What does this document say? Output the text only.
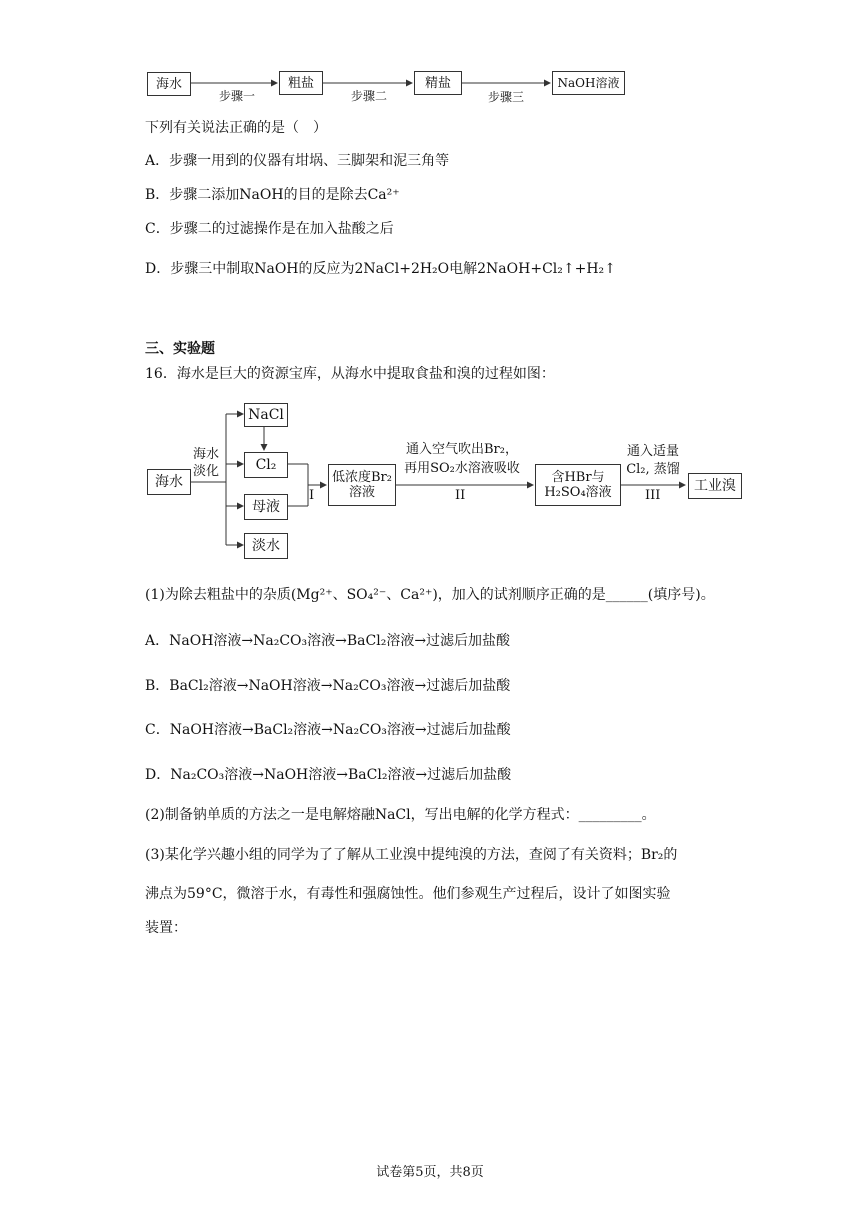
海水	粗盐	精盐	NaOH溶液
步骤一	步骤二	步骤三
下列有关说法正确的是（　）
A．步骤一用到的仪器有坩埚、三脚架和泥三角等
B．步骤二添加NaOH的目的是除去Ca²⁺
C．步骤二的过滤操作是在加入盐酸之后
D．步骤三中制取NaOH的反应为2NaCl+2H₂O电解2NaOH+Cl₂↑+H₂↑
三、实验题
16．海水是巨大的资源宝库，从海水中提取食盐和溴的过程如图：
海水
海水淡化
NaCl
Cl₂
母液
淡水
I
低浓度Br₂溶液
通入空气吹出Br₂，
再用SO₂水溶液吸收
II
含HBr与H₂SO₄溶液
通入适量
Cl₂, 蒸馏
III
工业溴
(1)为除去粗盐中的杂质(Mg²⁺、SO₄²⁻、Ca²⁺)，加入的试剂顺序正确的是______(填序号)。
A．NaOH溶液→Na₂CO₃溶液→BaCl₂溶液→过滤后加盐酸
B．BaCl₂溶液→NaOH溶液→Na₂CO₃溶液→过滤后加盐酸
C．NaOH溶液→BaCl₂溶液→Na₂CO₃溶液→过滤后加盐酸
D．Na₂CO₃溶液→NaOH溶液→BaCl₂溶液→过滤后加盐酸
(2)制备钠单质的方法之一是电解熔融NaCl，写出电解的化学方程式：_________。
(3)某化学兴趣小组的同学为了了解从工业溴中提纯溴的方法，查阅了有关资料；Br₂的
沸点为59°C，微溶于水，有毒性和强腐蚀性。他们参观生产过程后，设计了如图实验
装置：
试卷第5页，共8页
